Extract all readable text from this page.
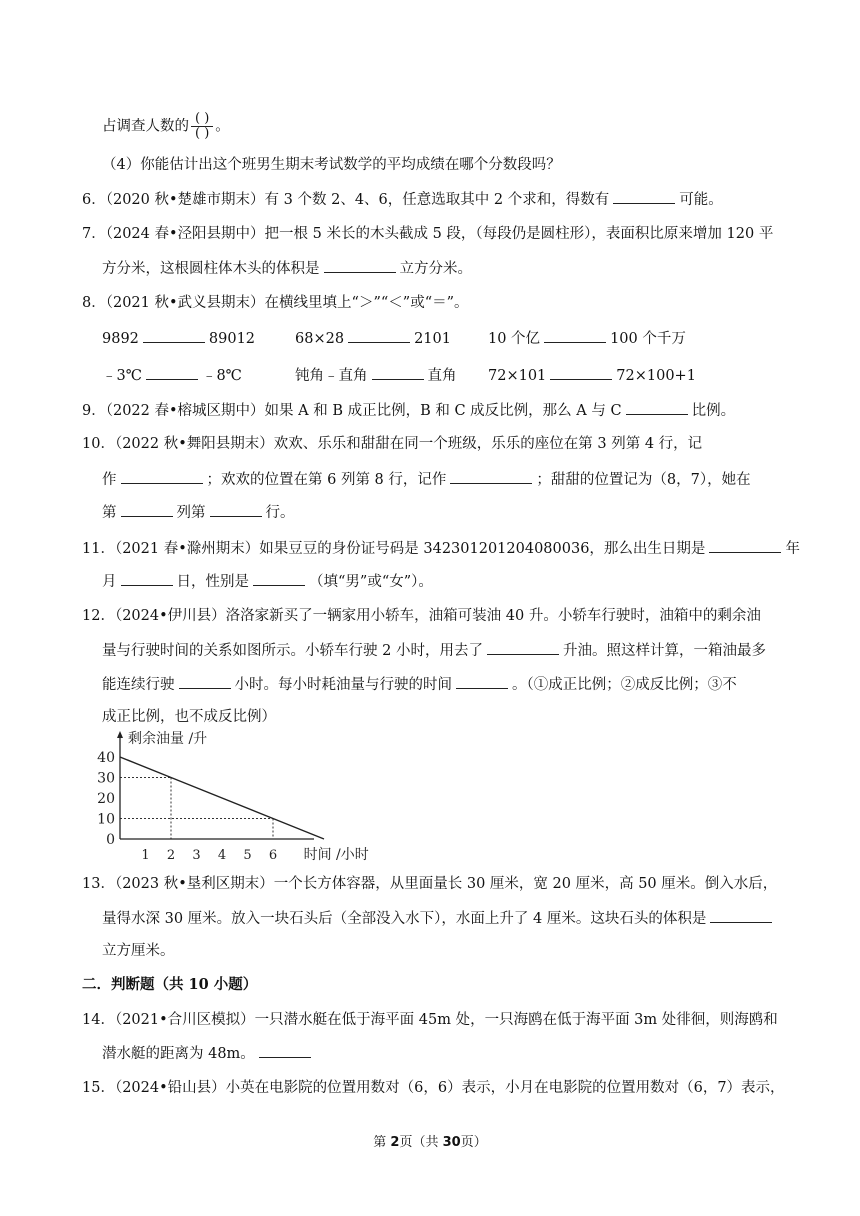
占调查人数的 $\frac{( )}{( )}$ 。
（4）你能估计出这个班男生期末考试数学的平均成绩在哪个分数段吗？
6．（2020 秋•楚雄市期末）有 3 个数 2、4、6，任意选取其中 2 个求和，得数有	可能。
7．（2024 春•泾阳县期中）把一根 5 米长的木头截成 5 段，（每段仍是圆柱形），表面积比原来增加 120 平
方分米，这根圆柱体木头的体积是	立方分米。
8．（2021 秋•武义县期末）在横线里填上“＞”“＜”或“＝”。
9892	89012	68×28	2101	10 个亿	100 个千万
﹣3℃	﹣8℃	钝角﹣直角	直角 72×101	72×100+1
9．（2022 春•榕城区期中）如果 A 和 B 成正比例，B 和 C 成反比例，那么 A 与 C	比例。
10．（2022 秋•舞阳县期末）欢欢、乐乐和甜甜在同一个班级，乐乐的座位在第 3 列第 4 行，记
作	；欢欢的位置在第 6 列第 8 行，记作	；甜甜的位置记为（8，7），她在
第	列第	行。
11．（2021 春•滁州期末）如果豆豆的身份证号码是 342301201204080036，那么出生日期是	年
月	日，性别是	（填“男”或“女”）。
12．（2024•伊川县）洛洛家新买了一辆家用小轿车，油箱可装油 40 升。小轿车行驶时，油箱中的剩余油
量与行驶时间的关系如图所示。小轿车行驶 2 小时，用去了	升油。照这样计算，一箱油最多
能连续行驶	小时。每小时耗油量与行驶的时间	。（①成正比例；②成反比例；③不
成正比例，也不成反比例）
0
10
20
30
40
1 2 3 4 5 6
剩余油量 /升
时间 /小时
13．（2023 秋•垦利区期末）一个长方体容器，从里面量长 30 厘米，宽 20 厘米，高 50 厘米。倒入水后，
量得水深 30 厘米。放入一块石头后（全部没入水下），水面上升了 4 厘米。这块石头的体积是
立方厘米。
二．判断题（共 10 小题）
14．（2021•合川区模拟）一只潜水艇在低于海平面 45m 处，一只海鸥在低于海平面 3m 处徘徊，则海鸥和
潜水艇的距离为 48m。
15．（2024•铅山县）小英在电影院的位置用数对（6，6）表示，小月在电影院的位置用数对（6，7）表示，
第 2页（共 30页）
